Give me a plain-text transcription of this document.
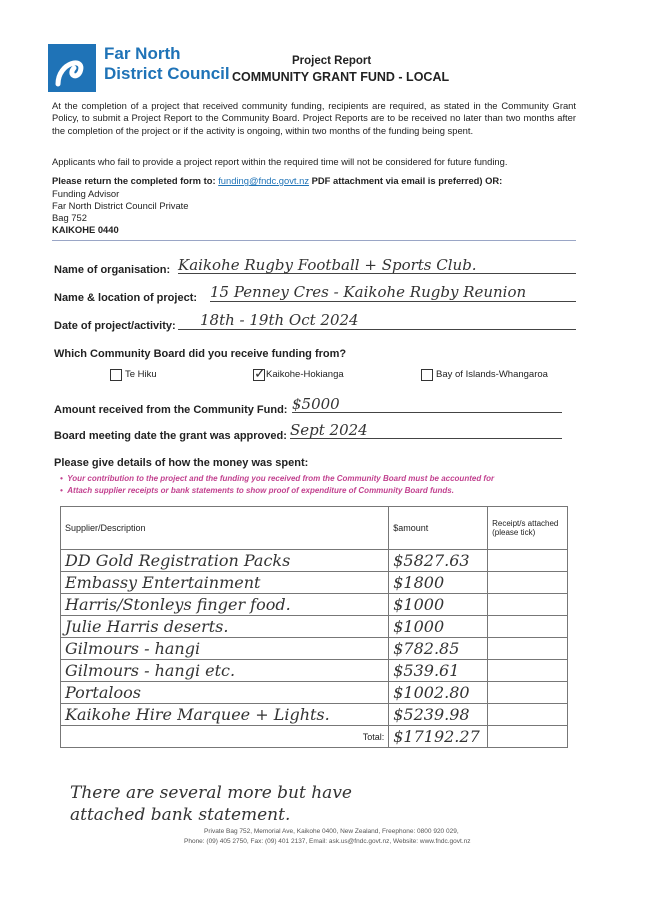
Far North
District Council
Project Report
COMMUNITY GRANT FUND - LOCAL
At the completion of a project that received community funding, recipients are required, as stated in the Community Grant Policy, to submit a Project Report to the Community Board. Project Reports are to be received no later than two months after the completion of the project or if the activity is ongoing, within two months of the funding being spent.
Applicants who fail to provide a project report within the required time will not be considered for future funding.
Please return the completed form to: funding@fndc.govt.nz PDF attachment via email is preferred) OR:
Funding Advisor
Far North District Council Private
Bag 752
KAIKOHE 0440
Name of organisation: Kaikohe Rugby Football + Sports Club.
Name & location of project: 15 Penney Cres - Kaikohe Rugby Reunion
Date of project/activity:	18th - 19th Oct 2024
Which Community Board did you receive funding from?
Te Hiku	✓ Kaikohe-Hokianga	Bay of Islands-Whangaroa
Amount received from the Community Fund: $5000
Board meeting date the grant was approved: Sept 2024
Please give details of how the money was spent:
•  Your contribution to the project and the funding you received from the Community Board must be accounted for
•  Attach supplier receipts or bank statements to show proof of expenditure of Community Board funds.
Supplier/Description	$amount	Receipt/s attached (please tick)
DD Gold Registration Packs	$5827.63	
Embassy Entertainment	$1800	
Harris/Stonleys finger food.	$1000	
Julie Harris deserts.	$1000	
Gilmours - hangi	$782.85	
Gilmours - hangi etc.	$539.61	
Portaloos	$1002.80	
Kaikohe Hire Marquee + Lights.	$5239.98	
Total:	$17192.27	
There are several more but have attached bank statement.
Private Bag 752, Memorial Ave, Kaikohe 0400, New Zealand, Freephone: 0800 920 029,
Phone: (09) 405 2750, Fax: (09) 401 2137, Email: ask.us@fndc.govt.nz, Website: www.fndc.govt.nz
